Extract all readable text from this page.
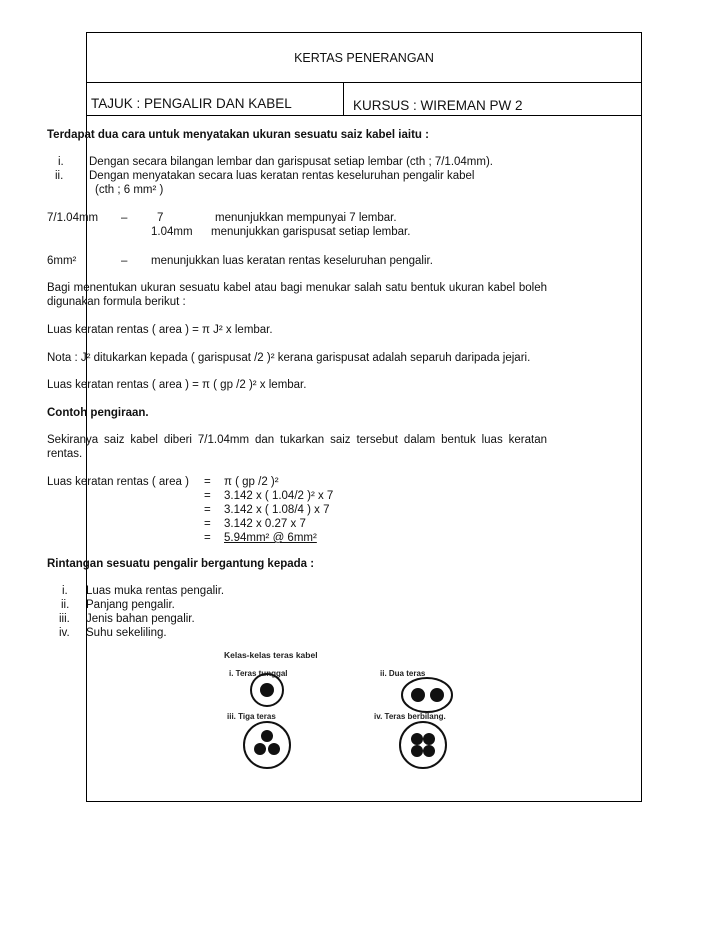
KERTAS PENERANGAN
TAJUK : PENGALIR DAN KABEL	KURSUS : WIREMAN PW 2
Terdapat dua cara untuk menyatakan ukuran sesuatu saiz kabel iaitu :
i. Dengan secara bilangan lembar dan garispusat setiap lembar (cth ; 7/1.04mm).
ii. Dengan menyatakan secara luas keratan rentas keseluruhan pengalir kabel
(cth ; 6 mm² )
7/1.04mm –	7	menunjukkan mempunyai 7 lembar.
1.04mm menunjukkan garispusat setiap lembar.
6mm²	– menunjukkan luas keratan rentas keseluruhan pengalir.
Bagi menentukan ukuran sesuatu kabel atau bagi menukar salah satu bentuk ukuran kabel boleh digunakan formula berikut :
Luas keratan rentas ( area ) = π J² x lembar.
Nota : J² ditukarkan kepada ( garispusat /2 )² kerana garispusat adalah separuh daripada jejari.
Luas keratan rentas ( area ) = π ( gp /2 )² x lembar.
Contoh pengiraan.
Sekiranya saiz kabel diberi 7/1.04mm dan tukarkan saiz tersebut dalam bentuk luas keratan rentas.
Luas keratan rentas ( area ) = π ( gp /2 )²
= 3.142 x ( 1.04/2 )² x 7
= 3.142 x ( 1.08/4 ) x 7
= 3.142 x 0.27 x 7
= 5.94mm² @ 6mm²
Rintangan sesuatu pengalir bergantung kepada :
i. Luas muka rentas pengalir.
ii. Panjang pengalir.
iii. Jenis bahan pengalir.
iv. Suhu sekeliling.
Kelas-kelas teras kabel
i. Teras tunggal	ii. Dua teras
iii. Tiga teras	iv. Teras berbilang.
